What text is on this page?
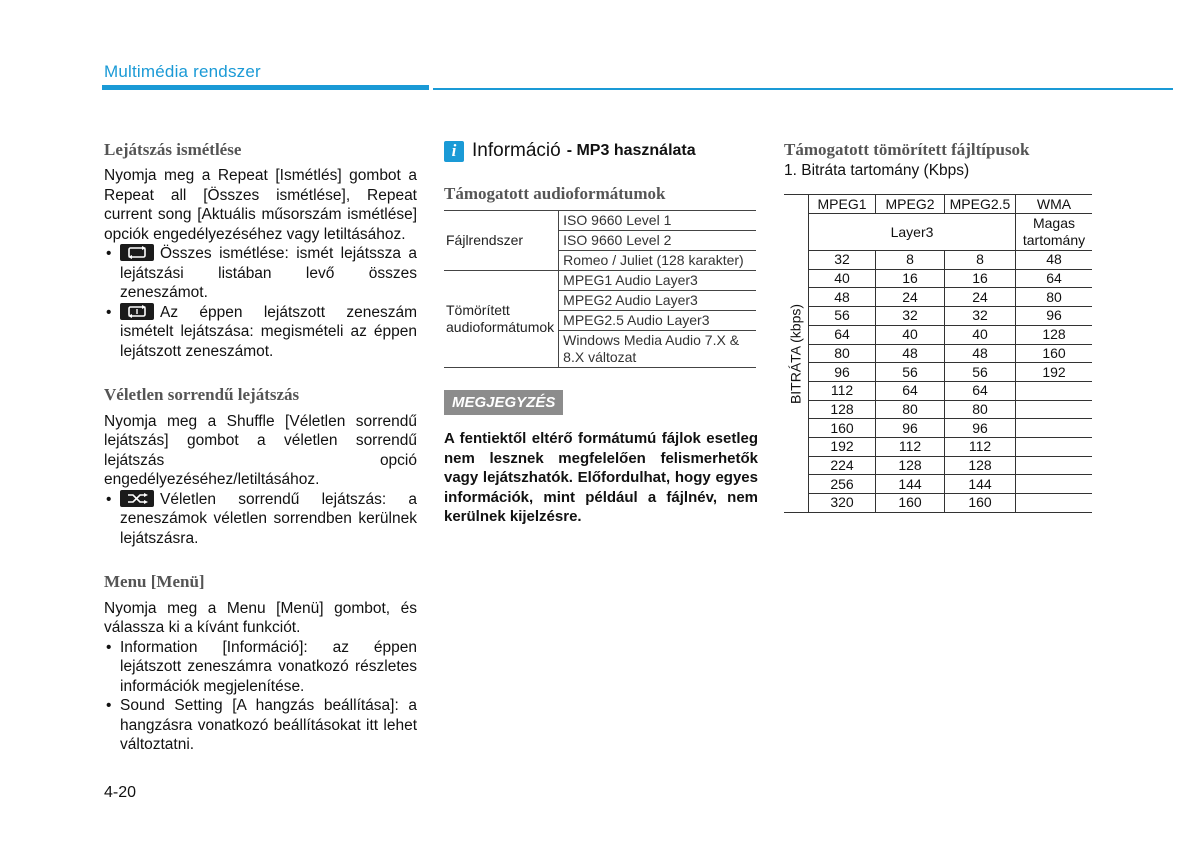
Multimédia rendszer
Lejátszás ismétlése

Nyomja meg a Repeat [Ismétlés] gombot a Repeat all [Összes ismétlése], Repeat current song [Aktuális műsorszám ismétlése] opciók engedélyezéséhez vagy letiltásához.

•	Összes ismétlése: ismét lejátssza a lejátszási listában levő összes zeneszámot.
•	Az éppen lejátszott zeneszám ismételt lejátszása: megismételi az éppen lejátszott zeneszámot.
Véletlen sorrendű lejátszás

Nyomja meg a Shuffle [Véletlen sorrendű lejátszás] gombot a véletlen sorrendű lejátszás opció engedélyezéséhez/letiltásához.

•	Véletlen sorrendű lejátszás: a zeneszámok véletlen sorrendben kerülnek lejátszásra.
Menu [Menü]

Nyomja meg a Menu [Menü] gombot, és válassza ki a kívánt funkciót.

• Information [Információ]: az éppen lejátszott zeneszámra vonatkozó részletes információk megjelenítése.
• Sound Setting [A hangzás beállítása]: a hangzásra vonatkozó beállításokat itt lehet változtatni.
i Információ - MP3 használata
Támogatott audioformátumok
Fájlrendszer	ISO 9660 Level 1
	ISO 9660 Level 2
	Romeo / Juliet (128 karakter)
Tömörített audioformátumok	MPEG1 Audio Layer3
	MPEG2 Audio Layer3
	MPEG2.5 Audio Layer3
	Windows Media Audio 7.X & 8.X változat
MEGJEGYZÉS

A fentiektől eltérő formátumú fájlok esetleg nem lesznek megfelelően felismerhetők vagy lejátszhatók. Előfordulhat, hogy egyes információk, mint például a fájlnév, nem kerülnek kijelzésre.

Támogatott tömörített fájltípusok
1. Bitráta tartomány (Kbps)
BITRÁTA (kbps)	MPEG1	MPEG2	MPEG2.5	WMA
	Layer3			Magas tartomány
	32	8	8	48
	40	16	16	64
	48	24	24	80
	56	32	32	96
	64	40	40	128
	80	48	48	160
	96	56	56	192
	112	64	64	
	128	80	80	
	160	96	96	
	192	112	112	
	224	128	128	
	256	144	144	
	320	160	160	
4-20
